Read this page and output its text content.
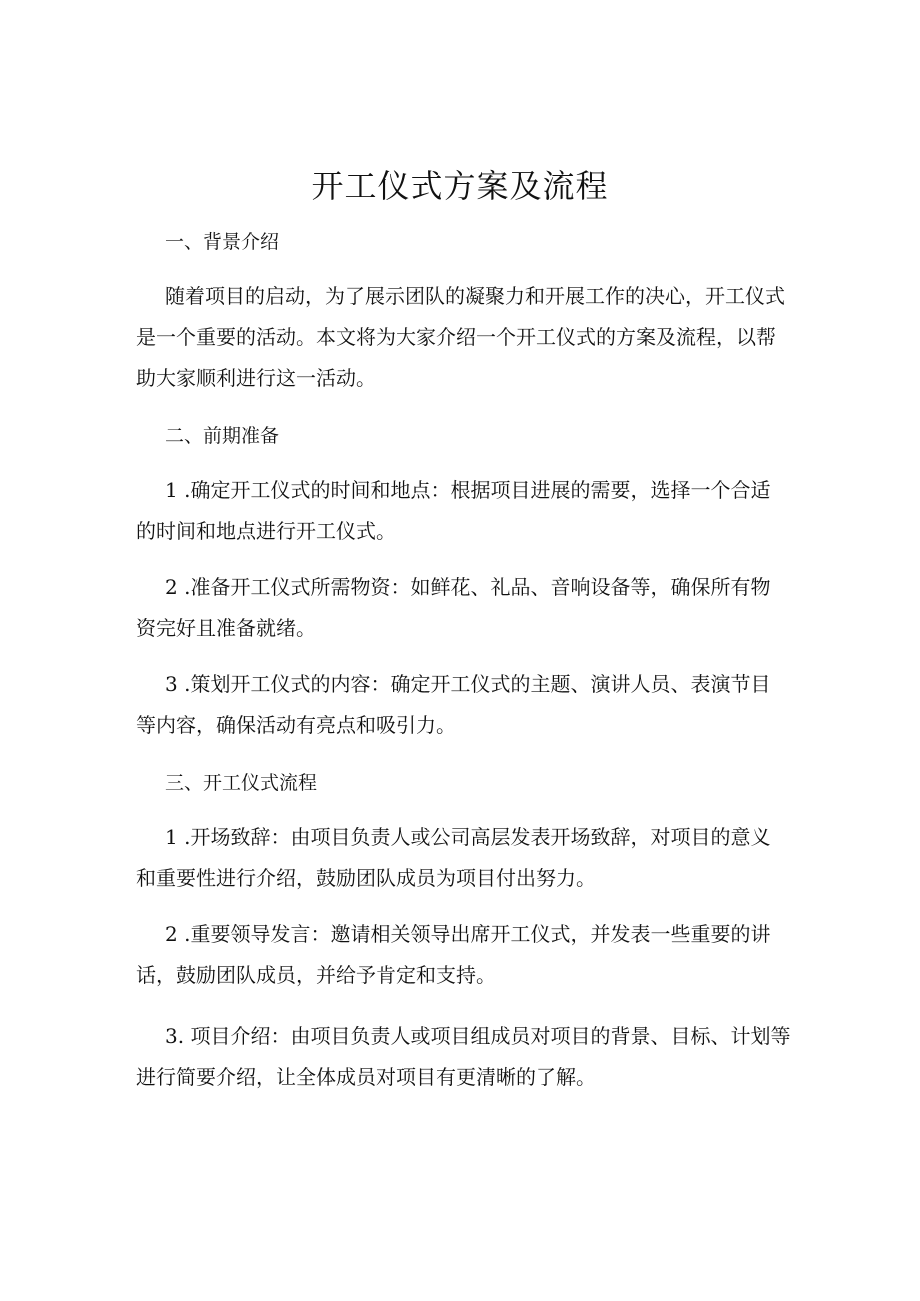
开工仪式方案及流程
一、背景介绍
随着项目的启动，为了展示团队的凝聚力和开展工作的决心，开工仪式
是一个重要的活动。本文将为大家介绍一个开工仪式的方案及流程，以帮
助大家顺利进行这一活动。
二、前期准备
1 .确定开工仪式的时间和地点：根据项目进展的需要，选择一个合适
的时间和地点进行开工仪式。
2 .准备开工仪式所需物资：如鲜花、礼品、音响设备等，确保所有物
资完好且准备就绪。
3 .策划开工仪式的内容：确定开工仪式的主题、演讲人员、表演节目
等内容，确保活动有亮点和吸引力。
三、开工仪式流程
1 .开场致辞：由项目负责人或公司高层发表开场致辞，对项目的意义
和重要性进行介绍，鼓励团队成员为项目付出努力。
2 .重要领导发言：邀请相关领导出席开工仪式，并发表一些重要的讲
话，鼓励团队成员，并给予肯定和支持。
3. 项目介绍：由项目负责人或项目组成员对项目的背景、目标、计划等
进行简要介绍，让全体成员对项目有更清晰的了解。
